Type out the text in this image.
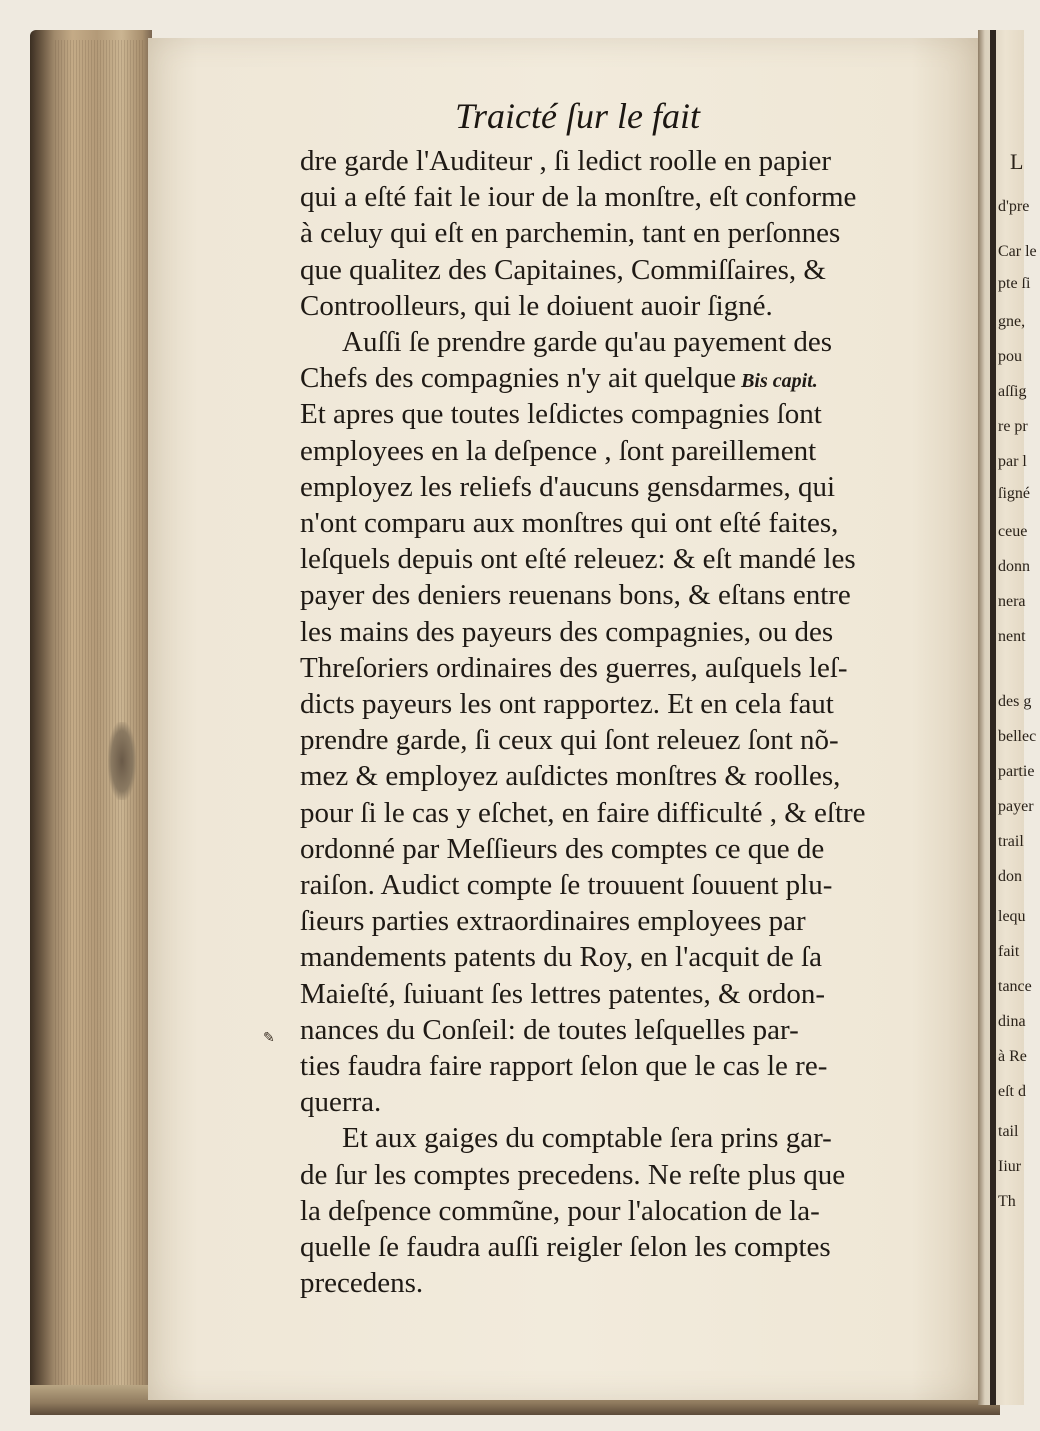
Traicté ſur le fait
dre garde l'Auditeur , ſi ledict roolle en papier
qui a eſté fait le iour de la monſtre, eſt conforme
à celuy qui eſt en parchemin, tant en perſonnes
que qualitez des Capitaines, Commiſſaires, &
Controolleurs, qui le doiuent auoir ſigné.
Auſſi ſe prendre garde qu'au payement des
Chefs des compagnies n'y ait quelque Bis capit.
Et apres que toutes leſdictes compagnies ſont
employees en la deſpence , ſont pareillement
employez les reliefs d'aucuns gensdarmes, qui
n'ont comparu aux monſtres qui ont eſté faites,
leſquels depuis ont eſté releuez: & eſt mandé les
payer des deniers reuenans bons, & eſtans entre
les mains des payeurs des compagnies, ou des
Threſoriers ordinaires des guerres, auſquels leſ-
dicts payeurs les ont rapportez. Et en cela faut
prendre garde, ſi ceux qui ſont releuez ſont nõ-
mez & employez auſdictes monſtres & roolles,
pour ſi le cas y eſchet, en faire difficulté , & eſtre
ordonné par Meſſieurs des comptes ce que de
raiſon. Audict compte ſe trouuent ſouuent plu-
ſieurs parties extraordinaires employees par
mandements patents du Roy, en l'acquit de ſa
Maieſté, ſuiuant ſes lettres patentes, & ordon-
nances du Conſeil: de toutes leſquelles par-
ties faudra faire rapport ſelon que le cas le re-
querra.
Et aux gaiges du comptable ſera prins gar-
de ſur les comptes precedens. Ne reſte plus que
la deſpence commũne, pour l'alocation de la-
quelle ſe faudra auſſi reigler ſelon les comptes
precedens.
L
d'pre
Car le
pte ſi
gne,
pou
aſſig
re pr
par l
ſigné
ceue
donn
nera
nent
des g
bellec
partie
payer
trail
don
lequ
fait
tance
dina
à Re
eſt d
tail
Iiur
Th
✎
